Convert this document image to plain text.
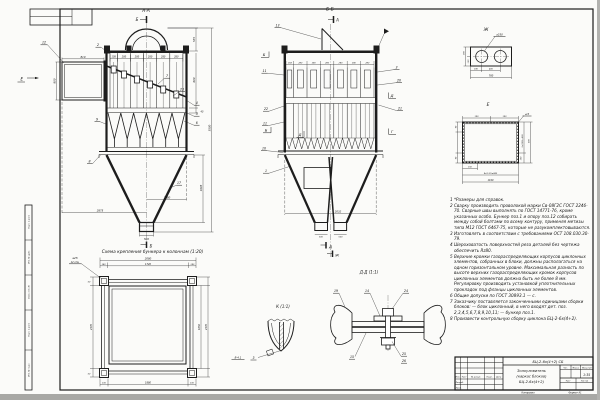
Подп. и дата
Инв. № дубл.
Взам. инв. №
Подп. и дата
Инв. № подл.
А-А
Б
158	280	280	280	280	280
810
800
Е
12
500
Б
535
600
45
1605
5500
2875
1880
2
7
23
4
5
6
9
8
17
Схема крепления бункера к колоннам (1:20)
2080
180	1720	180
⌀25
12 отв.
50
2170
50
1650 2170
100	1880	100
Б-Б
А
13
158	280	280	280	280	280	280
500	500
2032
Б
Б
Д
Д
Г
Д
Ж
11
22
11
10
1
3
20
21
Ж
⌀250
300
150
180	400
760
Е
190	190
⌀13
90
90
3х(150)=450 600
150
150
8х(110)=880
1190
К (1:1)
3
В-4.1
Д-Д (1:1)
19	14	24
15
25
26
Изм. Лист	№ докум.	Подп.	Дата
Разраб.
Пров.
БЦ-2-6х(4+2) СБ
Золоуловитель
(каркас блоков)
БЦ-2-6х(4+2)
Лит. Масса	Масштаб
1:35
Лист	Листов
Копировал	Формат А1

1 *Размеры для справок.

2 Сварку производить проволокой марки Св-08Г2С ГОСТ 2246-70. Сварные швы выполнять по ГОСТ 14771-76, кроме указанных особо. Бункер поз.1 и опору поз.12 собирать между собой болтами по всему контуру, применяя метизы типа М12 ГОСТ 6467-75, которые не разукомплектовываются.

3 Изготовлять в соответствии с требованиями ОСТ 108.030.30-79.

4 Шероховатость поверхностей реза деталей без чертежа обеспечить Rz80.

5 Верхние кромки газораспределяющих корпусов циклонных элементов, собранных в блоки, должны располагаться на одном горизонтальном уровне. Максимальная разность по высоте верхних газораспределяющих кромок корпусов циклонных элементов должна быть не более 8 мм. Регулировку производить установкой уплотнительных прокладок под фланцы циклонных элементов.

6 Общие допуски по ГОСТ 30893.1 — с.

7 Заказчику поставляется законченными единицами сборки блоков: — блок циклонный, в него входят дет. поз. 2,3,4,5,6,7,8,9,10,11; — бункер поз.1.

8 Произвести контрольную сборку циклона БЦ-2-6х(4+2).
